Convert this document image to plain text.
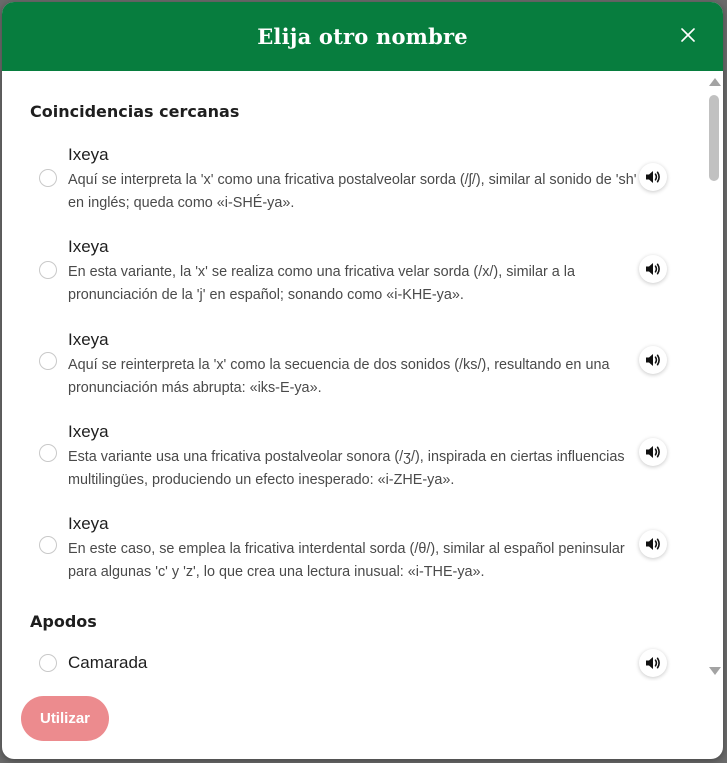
Elija otro nombre
Coincidencias cercanas
Ixeya
Aquí se interpreta la 'x' como una fricativa postalveolar sorda (/ʃ/), similar al sonido de 'sh' en inglés; queda como «i-SHÉ-ya».
Ixeya
En esta variante, la 'x' se realiza como una fricativa velar sorda (/x/), similar a la pronunciación de la 'j' en español; sonando como «i-KHE-ya».
Ixeya
Aquí se reinterpreta la 'x' como la secuencia de dos sonidos (/ks/), resultando en una pronunciación más abrupta: «iks-E-ya».
Ixeya
Esta variante usa una fricativa postalveolar sonora (/ʒ/), inspirada en ciertas influencias multilingües, produciendo un efecto inesperado: «i-ZHE-ya».
Ixeya
En este caso, se emplea la fricativa interdental sorda (/θ/), similar al español peninsular para algunas 'c' y 'z', lo que crea una lectura inusual: «i-THE-ya».
Apodos
Camarada
Utilizar
